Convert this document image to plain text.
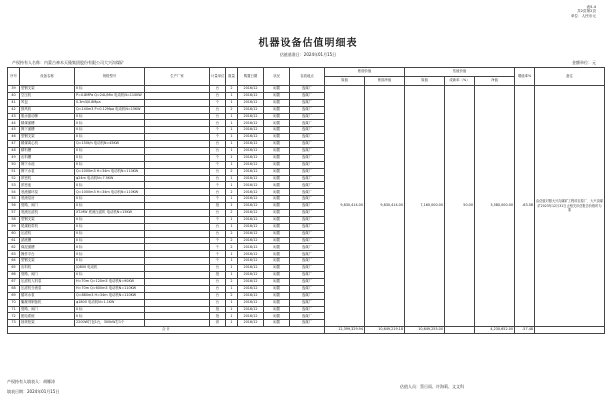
表5-4
共2页第2页
单位：人民币元
机器设备估值明细表
估值基准日：2024年01月15日
产权持有人名称：内蒙古神木天隆集团股份有限公司大兴沟煤矿	金额单位：元
序号	设备名称	规格型号	生产厂家	计量单位	数量	购置日期	状况	存放地点	账面价值		估值价值			增值率%	备注
									原值	账面净值	原值	成新率（%）	净值		
39	型钢支架	II 标		台	2	2016/12	闲置	选煤厂	9,830,414.00	9,830,414.00	7,160,000.00	50.00	3,580,000.00	-63.58	由估值对照大兴沟煤矿工程项目原厂、大兴沟煤矿2023年12月31日止相关评估报告价格时为准
40	空压机	P=0.8MPa Q=24L/Min 电动机N=110KW		台	1	2016/12	闲置	选煤厂							
41	风包	0.3m3/0.8Mpa		个	1	2016/12	闲置	选煤厂							
42	鼓风机	Q=140m3 P=0.12Mpa 电动机N=15KW		台	2	2016/12	闲置	选煤厂							
43	脱水振动筛	II 标		台	1	2016/12	闲置	选煤厂							
44	精煤溜槽	II 标		台	1	2016/12	闲置	选煤厂							
45	筛下溜槽	II 标		个	1	2016/12	闲置	选煤厂							
46	型钢支架	II 标		个	1	2016/12	闲置	选煤厂							
47	精煤离心机	Q=150t/h 电动机N=45KW		台	1	2016/12	闲置	选煤厂							
48	精料槽	II 标		台	1	2016/12	闲置	选煤厂							
49	出料槽	II 标		个	1	2016/12	闲置	选煤厂							
50	筛下水池	II 标		个	1	2016/12	闲置	选煤厂							
51	筛下水泵	Q=1000m3 H=34m 电动机N=110KW		台	2	2016/12	闲置	选煤厂							
52	浓密机	φ24m 电动机N=7.5KW		台	1	2016/12	闲置	选煤厂							
53	浓密池	II 标		个	1	2016/12	闲置	选煤厂							
54	底流循环泵	Q=1000m3 H=34m 电动机N=110KW		台	2	2016/12	闲置	选煤厂							
55	底流泵房	II 标		个	1	2016/12	闲置	选煤厂							
56	管路、阀门	II 标		批	1	2016/12	闲置	选煤厂							
57	底流压滤机	XT-MW 底流压滤机 电动机N=15KW		台	2	2016/12	闲置	选煤厂							
58	型钢支架	II 标		个	1	2016/12	闲置	选煤厂							
59	尾煤胶带机	II 标		台	1	2016/12	闲置	选煤厂							
60	压滤机	II 标		台	2	2016/12	闲置	选煤厂							
61	滤液槽	II 标		个	2	2016/12	闲置	选煤厂							
62	煤泥溜槽	II 标		个	2	2016/12	闲置	选煤厂							
63	操作平台	II 标		个	1	2016/12	闲置	选煤厂							
64	型钢支架	II 标		个	1	2016/12	闲置	选煤厂							
65	出料机	JQ800 电动机		台	1	2016/12	闲置	选煤厂							
66	管路、阀门	II 标		批	1	2016/12	闲置	选煤厂							
67	压滤机入料泵	H=70m Q=120m3 电动机N=90KW		台	2	2016/12	闲置	选煤厂							
68	压滤机分流泵	H=70m Q=600m3 电动机N=110KW		台	1	2016/12	闲置	选煤厂							
69	循环水泵	Q=880m3 H=34m 电动机N=110KW		台	2	2016/12	闲置	选煤厂							
70	絮凝剂制备机	φ1800 电动机N=1.1KW		台	1	2016/12	闲置	选煤厂							
71	管路、阀门	II 标		批	1	2016/12	闲置	选煤厂							
72	配电系统	II 标		批	1	2016/12	闲置	选煤厂							
73	抽采柜架	2200W打包1台，300kW打1个		套	1	2016/12	闲置	选煤厂							
合 计									12,399,329.94	10,649,219.18	10,649,255.00		4,230,652.00	-57.48	
产权持有人填表人：胡娜涛
填表日期：2024年01月15日
估值人员：蔡日雨、许海莉、文文科
